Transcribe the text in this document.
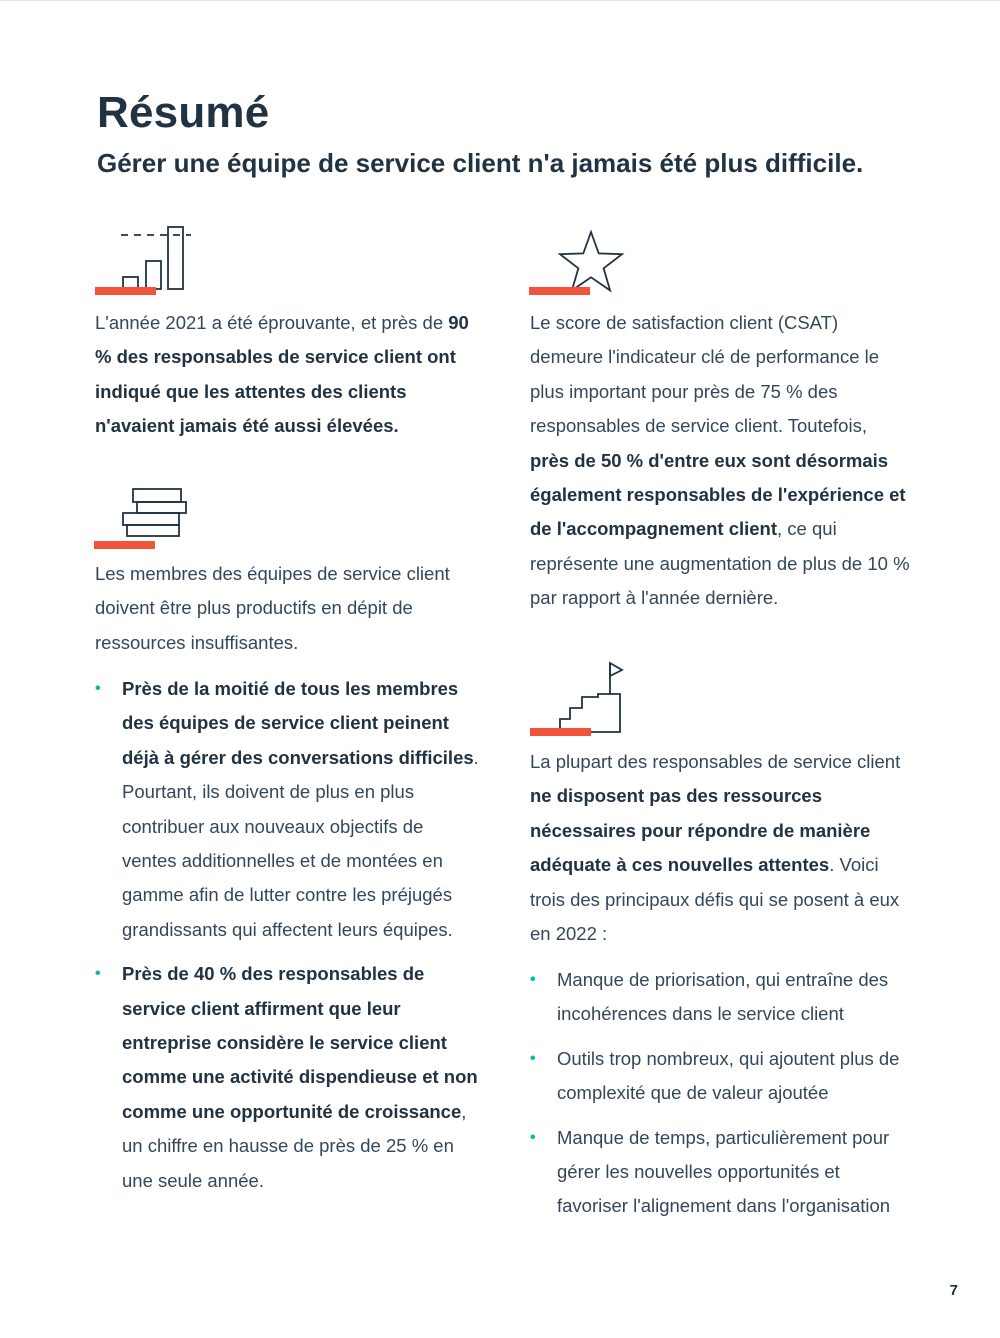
Résumé
Gérer une équipe de service client n'a jamais été plus difficile.

L'année 2021 a été éprouvante, et près de 90 % des responsables de service client ont indiqué que les attentes des clients n'avaient jamais été aussi élevées.

Les membres des équipes de service client doivent être plus productifs en dépit de ressources insuffisantes.

• Près de la moitié de tous les membres des équipes de service client peinent déjà à gérer des conversations difficiles. Pourtant, ils doivent de plus en plus contribuer aux nouveaux objectifs de ventes additionnelles et de montées en gamme afin de lutter contre les préjugés grandissants qui affectent leurs équipes.
• Près de 40 % des responsables de service client affirment que leur entreprise considère le service client comme une activité dispendieuse et non comme une opportunité de croissance, un chiffre en hausse de près de 25 % en une seule année.

Le score de satisfaction client (CSAT) demeure l'indicateur clé de performance le plus important pour près de 75 % des responsables de service client. Toutefois, près de 50 % d'entre eux sont désormais également responsables de l'expérience et de l'accompagnement client, ce qui représente une augmentation de plus de 10 % par rapport à l'année dernière.

La plupart des responsables de service client ne disposent pas des ressources nécessaires pour répondre de manière adéquate à ces nouvelles attentes. Voici trois des principaux défis qui se posent à eux en 2022 :

• Manque de priorisation, qui entraîne des incohérences dans le service client
• Outils trop nombreux, qui ajoutent plus de complexité que de valeur ajoutée
• Manque de temps, particulièrement pour gérer les nouvelles opportunités et favoriser l'alignement dans l'organisation
7
